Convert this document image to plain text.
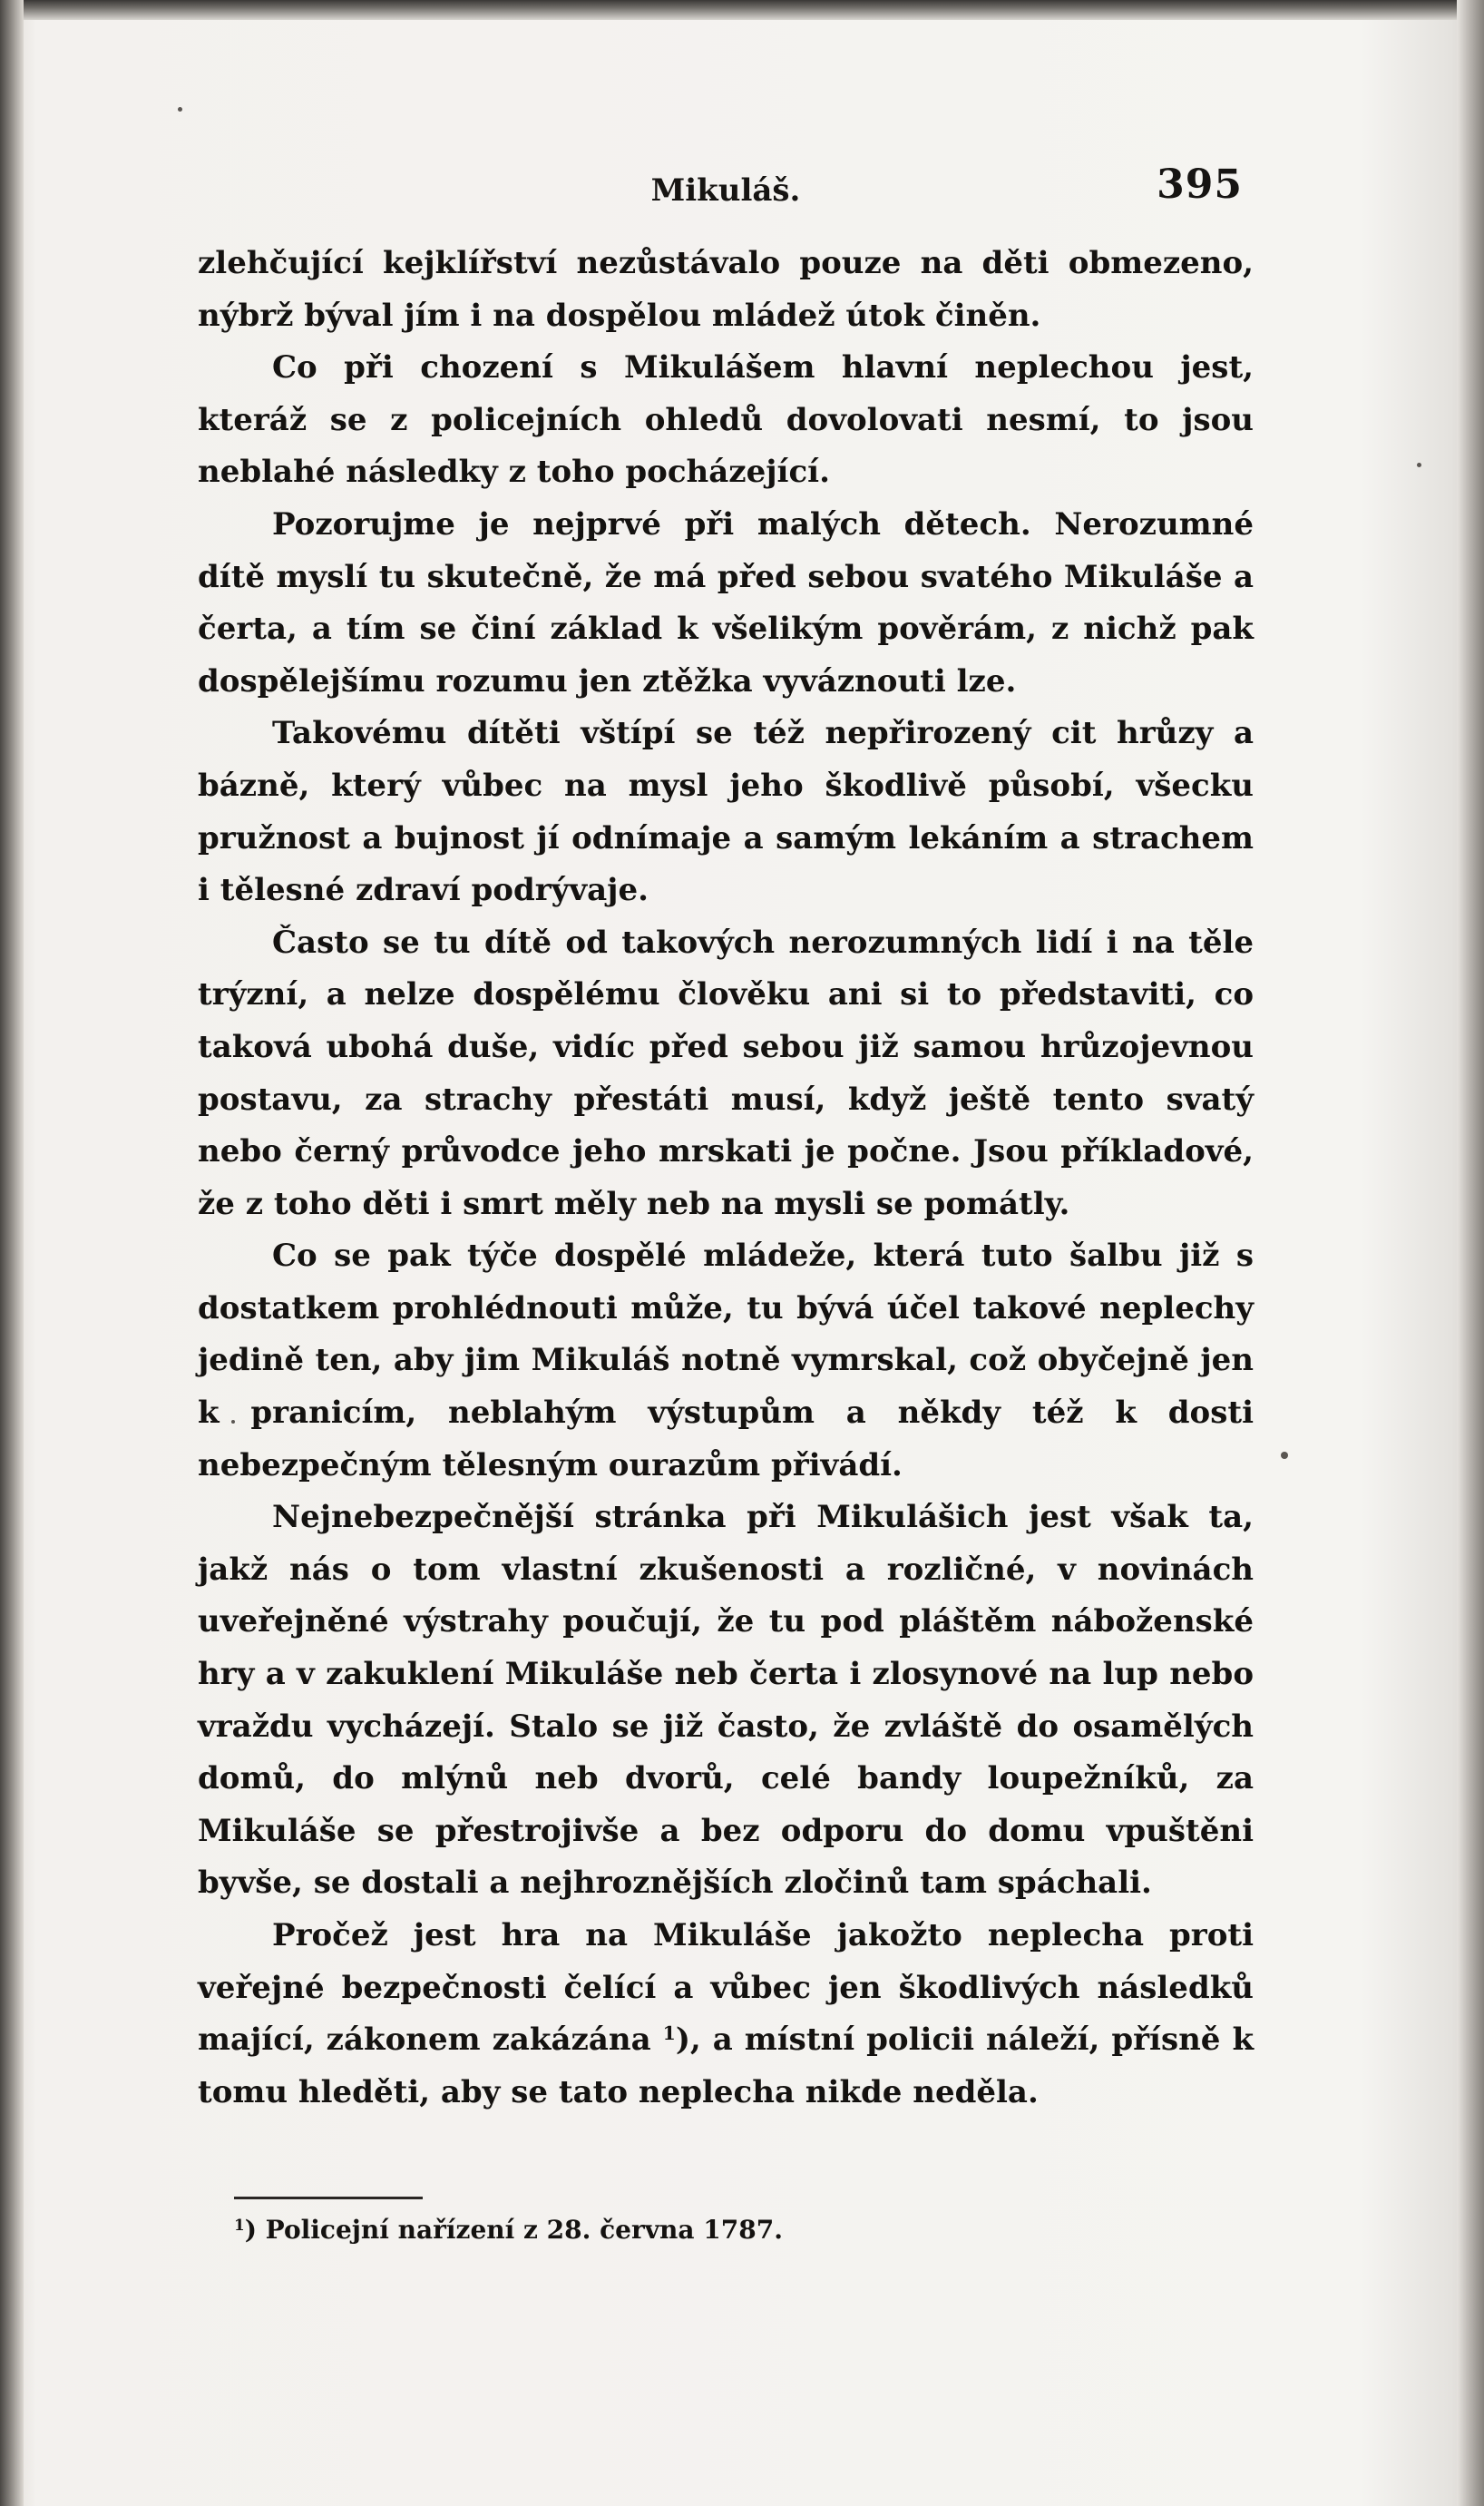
Mikuláš.	395

zlehčující kejklířství nezůstávalo pouze na děti obmezeno, nýbrž býval jím i na dospělou mládež útok činěn.

Co při chození s Mikulášem hlavní neplechou jest, kteráž se z policejních ohledů dovolovati nesmí, to jsou neblahé následky z toho pocházející.

Pozorujme je nejprvé při malých dětech. Nerozumné dítě myslí tu skutečně, že má před sebou svatého Mikuláše a čerta, a tím se činí základ k všelikým pověrám, z nichž pak dospělejšímu rozumu jen ztěžka vyváznouti lze.

Takovému dítěti vštípí se též nepřirozený cit hrůzy a bázně, který vůbec na mysl jeho škodlivě působí, všecku pružnost a bujnost jí odnímaje a samým lekáním a strachem i tělesné zdraví podrývaje.

Často se tu dítě od takových nerozumných lidí i na těle trýzní, a nelze dospělému člověku ani si to představiti, co taková ubohá duše, vidíc před sebou již samou hrůzojevnou postavu, za strachy přestáti musí, když ještě tento svatý nebo černý průvodce jeho mrskati je počne. Jsou příkladové, že z toho děti i smrt měly neb na mysli se pomátly.

Co se pak týče dospělé mládeže, která tuto šalbu již s dostatkem prohlédnouti může, tu bývá účel takové neplechy jedině ten, aby jim Mikuláš notně vymrskal, což obyčejně jen k pranicím, neblahým výstupům a někdy též k dosti nebezpečným tělesným ourazům přivádí.

Nejnebezpečnější stránka při Mikulášich jest však ta, jakž nás o tom vlastní zkušenosti a rozličné, v novinách uveřejněné výstrahy poučují, že tu pod pláštěm náboženské hry a v zakuklení Mikuláše neb čerta i zlosynové na lup nebo vraždu vycházejí. Stalo se již často, že zvláště do osamělých domů, do mlýnů neb dvorů, celé bandy loupežníků, za Mikuláše se přestrojivše a bez odporu do domu vpuštěni byvše, se dostali a nejhroznějších zločinů tam spáchali.

Pročež jest hra na Mikuláše jakožto neplecha proti veřejné bezpečnosti čelící a vůbec jen škodlivých následků mající, zákonem zakázána $^1$), a místní policii náleží, přísně k tomu hleděti, aby se tato neplecha nikde neděla.

$^1$) Policejní nařízení z 28. června 1787.
